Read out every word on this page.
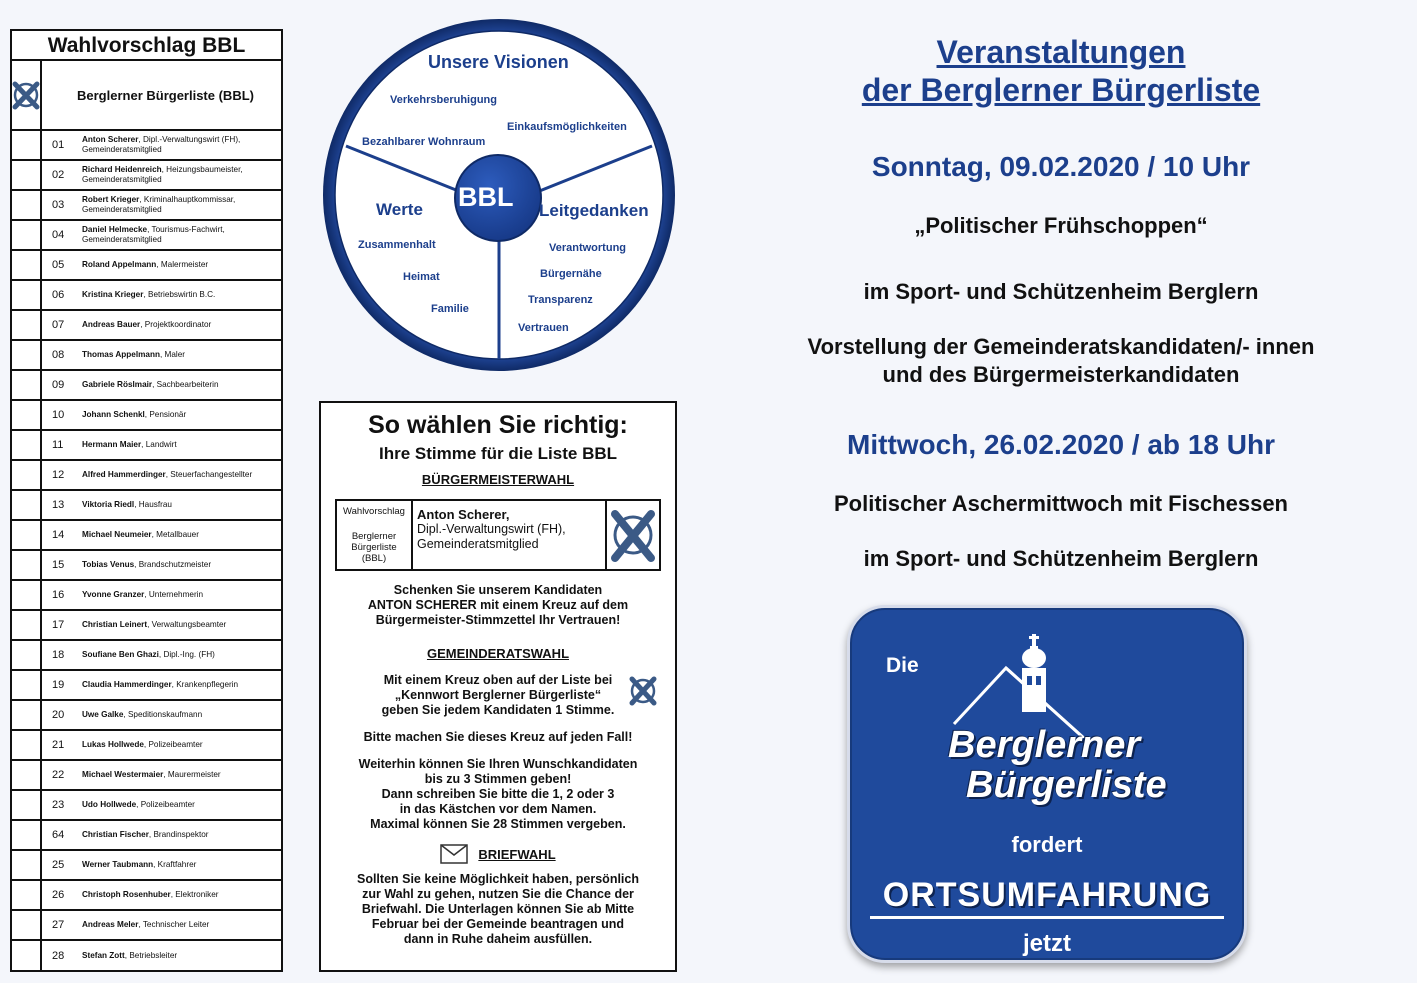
Wahlvorschlag BBL
Berglerner Bürgerliste (BBL)
01	Anton Scherer, Dipl.-Verwaltungswirt (FH),
Gemeinderatsmitglied
02	Richard Heidenreich, Heizungsbaumeister,
Gemeinderatsmitglied
03	Robert Krieger, Kriminalhauptkommissar,
Gemeinderatsmitglied
04	Daniel Helmecke, Tourismus-Fachwirt,
Gemeinderatsmitglied
05	Roland Appelmann, Malermeister
06	Kristina Krieger, Betriebswirtin B.C.
07	Andreas Bauer, Projektkoordinator
08	Thomas Appelmann, Maler
09	Gabriele Röslmair, Sachbearbeiterin
10	Johann Schenkl, Pensionär
11	Hermann Maier, Landwirt
12	Alfred Hammerdinger, Steuerfachangestellter
13	Viktoria Riedl, Hausfrau
14	Michael Neumeier, Metallbauer
15	Tobias Venus, Brandschutzmeister
16	Yvonne Granzer, Unternehmerin
17	Christian Leinert, Verwaltungsbeamter
18	Soufiane Ben Ghazi, Dipl.-Ing. (FH)
19	Claudia Hammerdinger, Krankenpflegerin
20	Uwe Galke, Speditionskaufmann
21	Lukas Hollwede, Polizeibeamter
22	Michael Westermaier, Maurermeister
23	Udo Hollwede, Polizeibeamter
64	Christian Fischer, Brandinspektor
25	Werner Taubmann, Kraftfahrer
26	Christoph Rosenhuber, Elektroniker
27	Andreas Meler, Technischer Leiter
28	Stefan Zott, Betriebsleiter
Unsere Visionen
Verkehrsberuhigung
Einkaufsmöglichkeiten
Bezahlbarer Wohnraum
BBL
Werte	Leitgedanken
Zusammenhalt
Heimat
Familie
Verantwortung
Bürgernähe
Transparenz
Vertrauen
So wählen Sie richtig:
Ihre Stimme für die Liste BBL
BÜRGERMEISTERWAHL
Wahlvorschlag
Berglerner Bürgerliste (BBL)
Anton Scherer,
Dipl.-Verwaltungswirt (FH),
Gemeinderatsmitglied
Schenken Sie unserem Kandidaten
ANTON SCHERER mit einem Kreuz auf dem
Bürgermeister-Stimmzettel Ihr Vertrauen!
GEMEINDERATSWAHL
Mit einem Kreuz oben auf der Liste bei
„Kennwort Berglerner Bürgerliste“
geben Sie jedem Kandidaten 1 Stimme.
Bitte machen Sie dieses Kreuz auf jeden Fall!
Weiterhin können Sie Ihren Wunschkandidaten
bis zu 3 Stimmen geben!
Dann schreiben Sie bitte die 1, 2 oder 3
in das Kästchen vor dem Namen.
Maximal können Sie 28 Stimmen vergeben.
BRIEFWAHL
Sollten Sie keine Möglichkeit haben, persönlich
zur Wahl zu gehen, nutzen Sie die Chance der
Briefwahl. Die Unterlagen können Sie ab Mitte
Februar bei der Gemeinde beantragen und
dann in Ruhe daheim ausfüllen.
Veranstaltungen
der Berglerner Bürgerliste
Sonntag, 09.02.2020 / 10 Uhr
„Politischer Frühschoppen“
im Sport- und Schützenheim Berglern
Vorstellung der Gemeinderatskandidaten/- innen
und des Bürgermeisterkandidaten
Mittwoch, 26.02.2020 / ab 18 Uhr
Politischer Aschermittwoch mit Fischessen
im Sport- und Schützenheim Berglern
Die
Berglerner
Bürgerliste
fordert
ORTSUMFAHRUNG
jetzt
